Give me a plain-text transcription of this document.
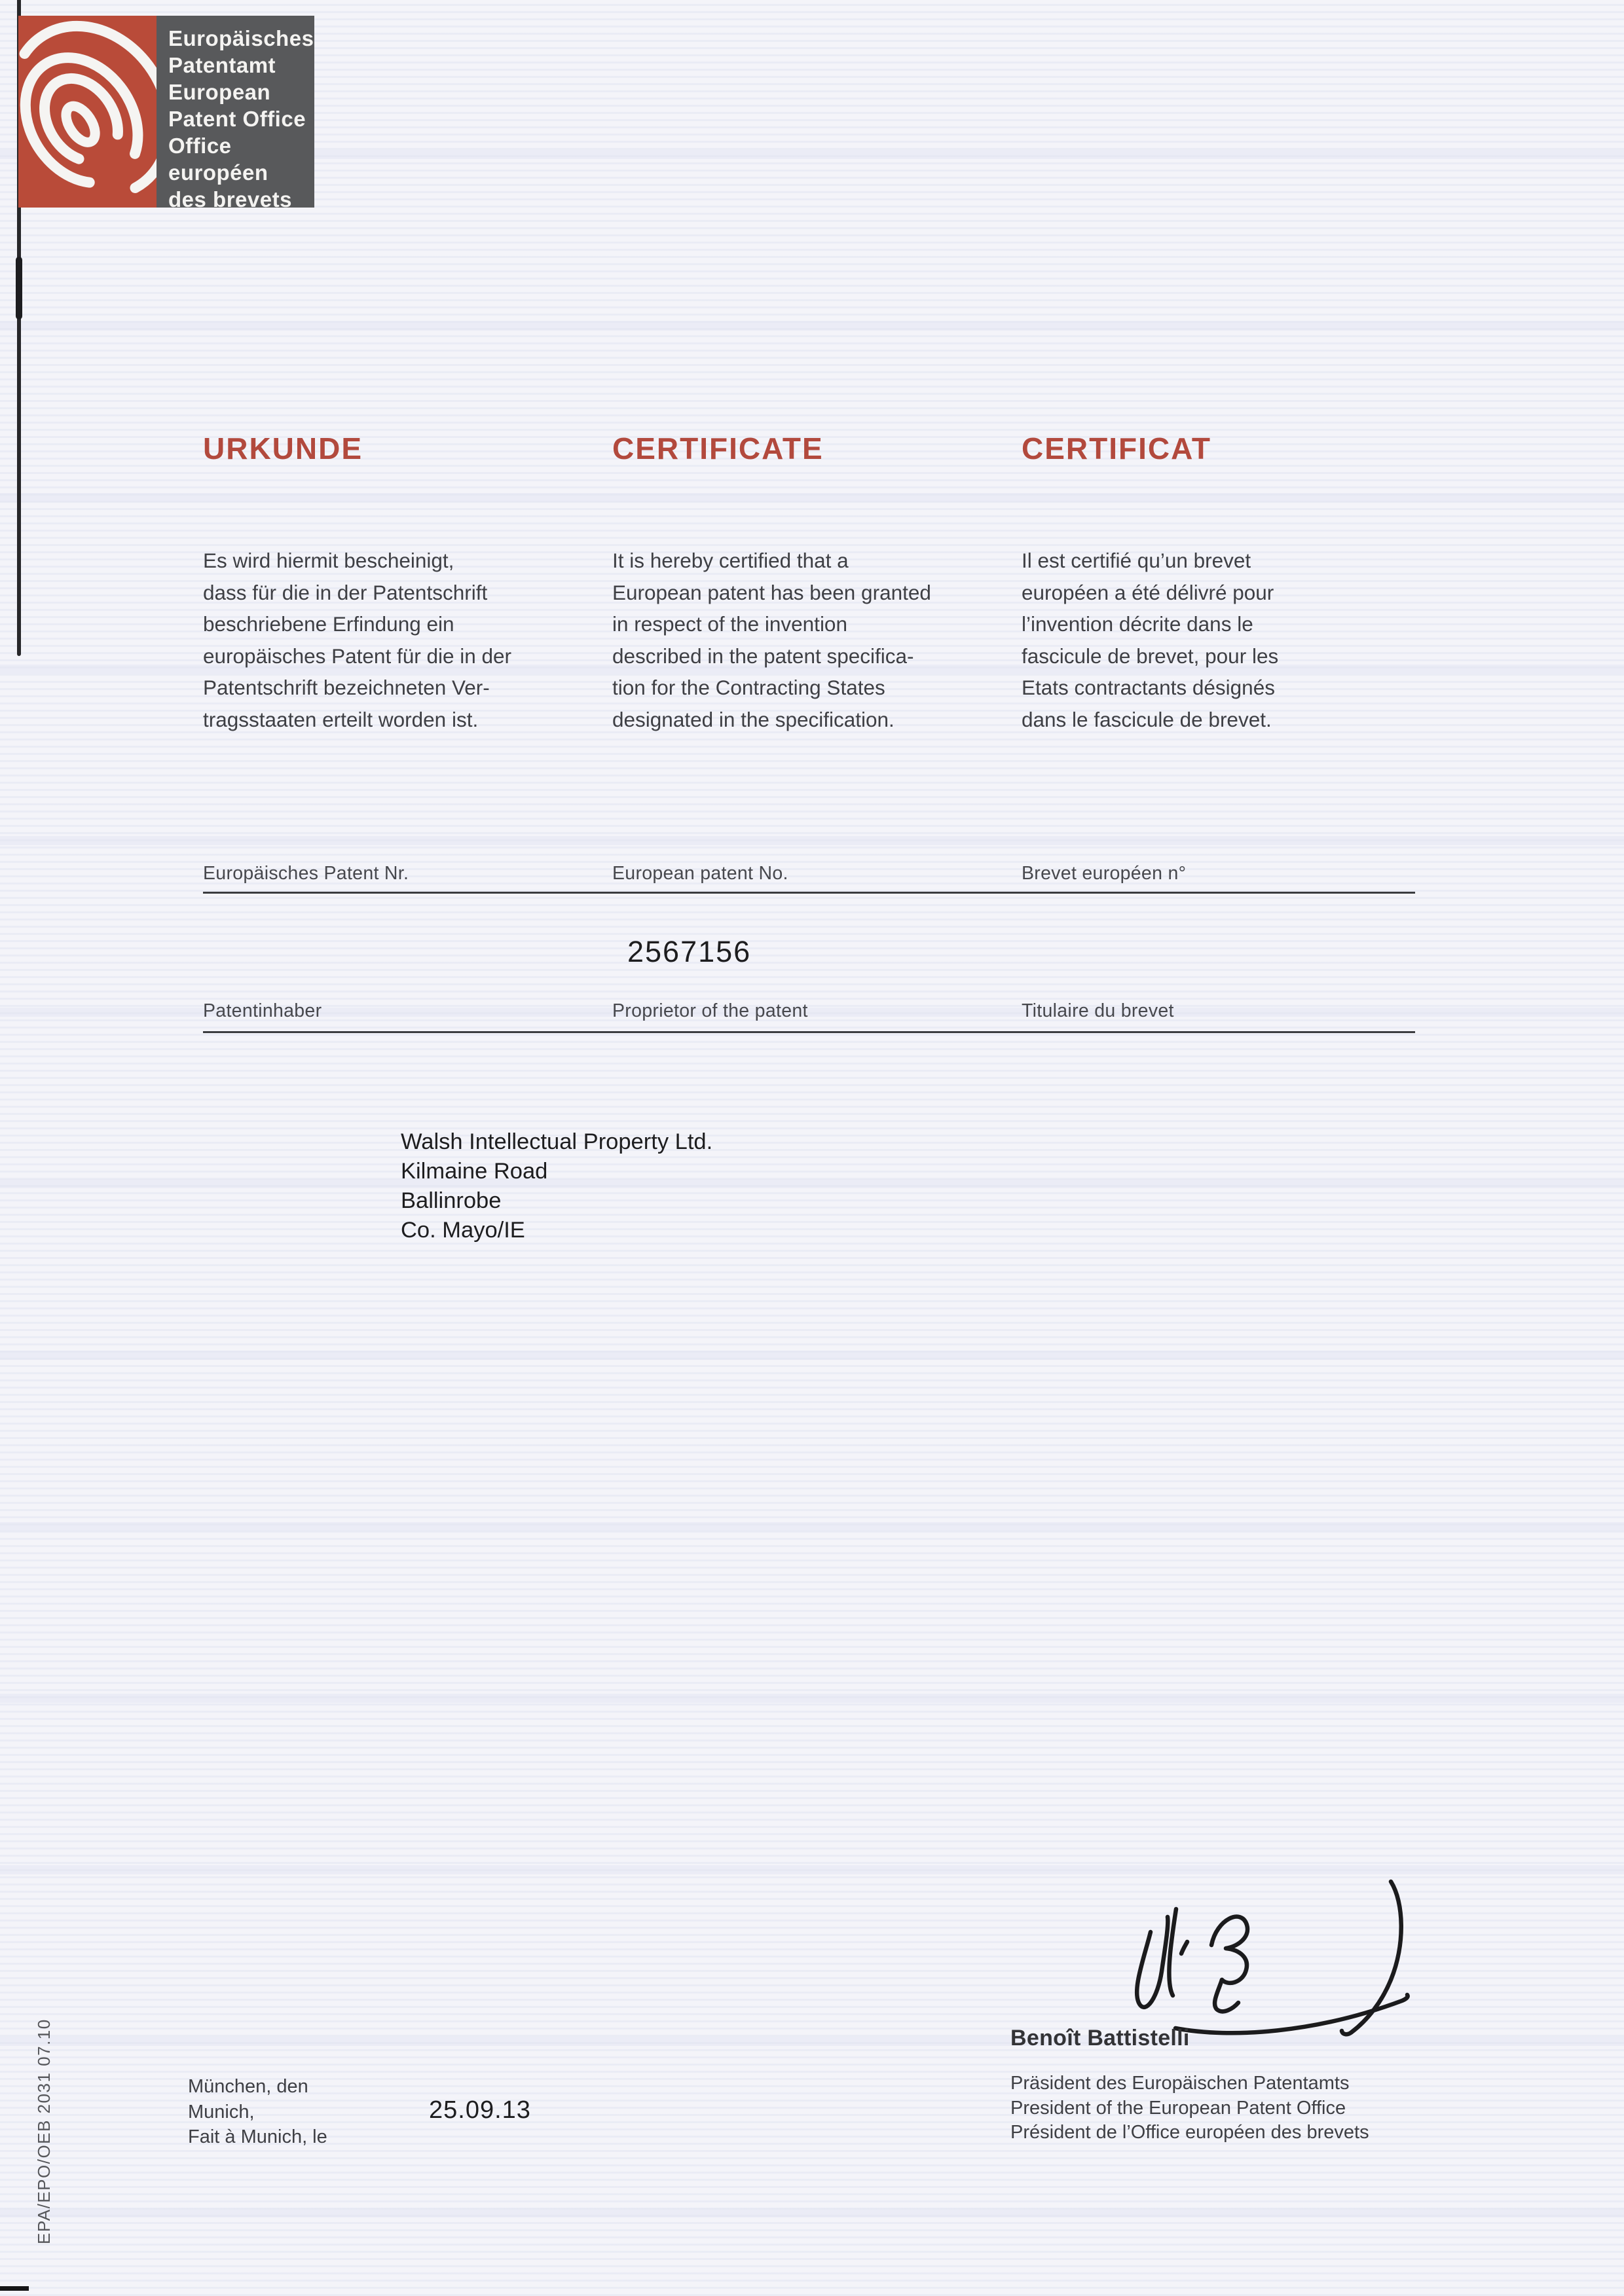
Europäisches
Patentamt
European
Patent Office
Office européen
des brevets
URKUNDE	CERTIFICATE	CERTIFICAT
Es wird hiermit bescheinigt,
dass für die in der Patentschrift
beschriebene Erfindung ein
europäisches Patent für die in der
Patentschrift bezeichneten Ver-
tragsstaaten erteilt worden ist.
It is hereby certified that a
European patent has been granted
in respect of the invention
described in the patent specifica-
tion for the Contracting States
designated in the specification.
Il est certifié qu’un brevet
européen a été délivré pour
l’invention décrite dans le
fascicule de brevet, pour les
Etats contractants désignés
dans le fascicule de brevet.
Europäisches Patent Nr.	European patent No.	Brevet européen n°
2567156
Patentinhaber	Proprietor of the patent	Titulaire du brevet
Walsh Intellectual Property Ltd.
Kilmaine Road
Ballinrobe
Co. Mayo/IE
Benoît Battistelli
Präsident des Europäischen Patentamts
President of the European Patent Office
Président de l’Office européen des brevets
München, den
Munich,
Fait à Munich, le
25.09.13
EPA/EPO/OEB 2031 07.10
